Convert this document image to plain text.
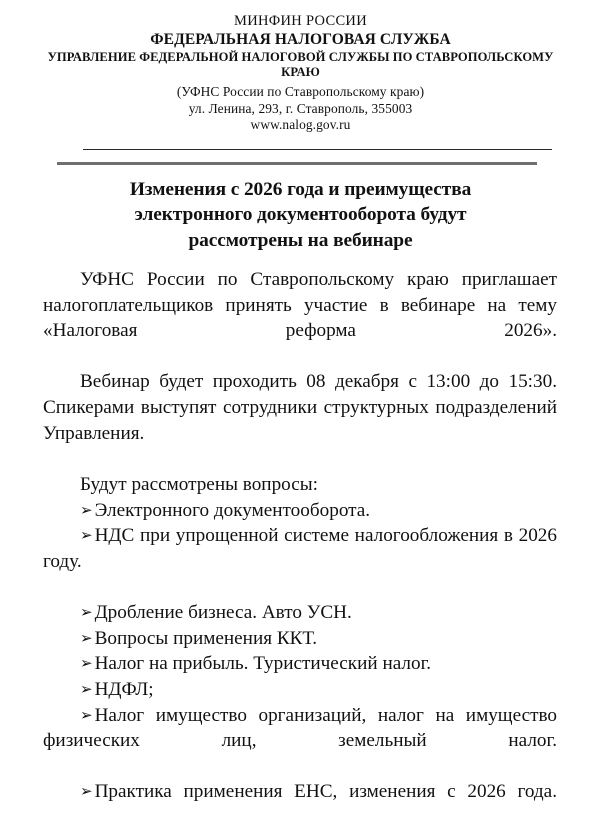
МИНФИН РОССИИ
ФЕДЕРАЛЬНАЯ НАЛОГОВАЯ СЛУЖБА
УПРАВЛЕНИЕ ФЕДЕРАЛЬНОЙ НАЛОГОВОЙ СЛУЖБЫ ПО СТАВРОПОЛЬСКОМУ КРАЮ
(УФНС России по Ставропольскому краю)
ул. Ленина, 293, г. Ставрополь, 355003
www.nalog.gov.ru
Изменения с 2026 года и преимущества электронного документооборота будут рассмотрены на вебинаре

УФНС России по Ставропольскому краю приглашает налогоплательщиков принять участие в вебинаре на тему «Налоговая реформа 2026».

Вебинар будет проходить 08 декабря с 13:00 до 15:30. Спикерами выступят сотрудники структурных подразделений Управления.

Будут рассмотрены вопросы:

➢ Электронного документооборота.
➢ НДС при упрощенной системе налогообложения в 2026 году.
➢ Дробление бизнеса. Авто УСН.
➢ Вопросы применения ККТ.
➢ Налог на прибыль. Туристический налог.
➢ НДФЛ;
➢ Налог имущество организаций, налог на имущество физических лиц, земельный налог.
➢ Практика применения ЕНС, изменения с 2026 года.
